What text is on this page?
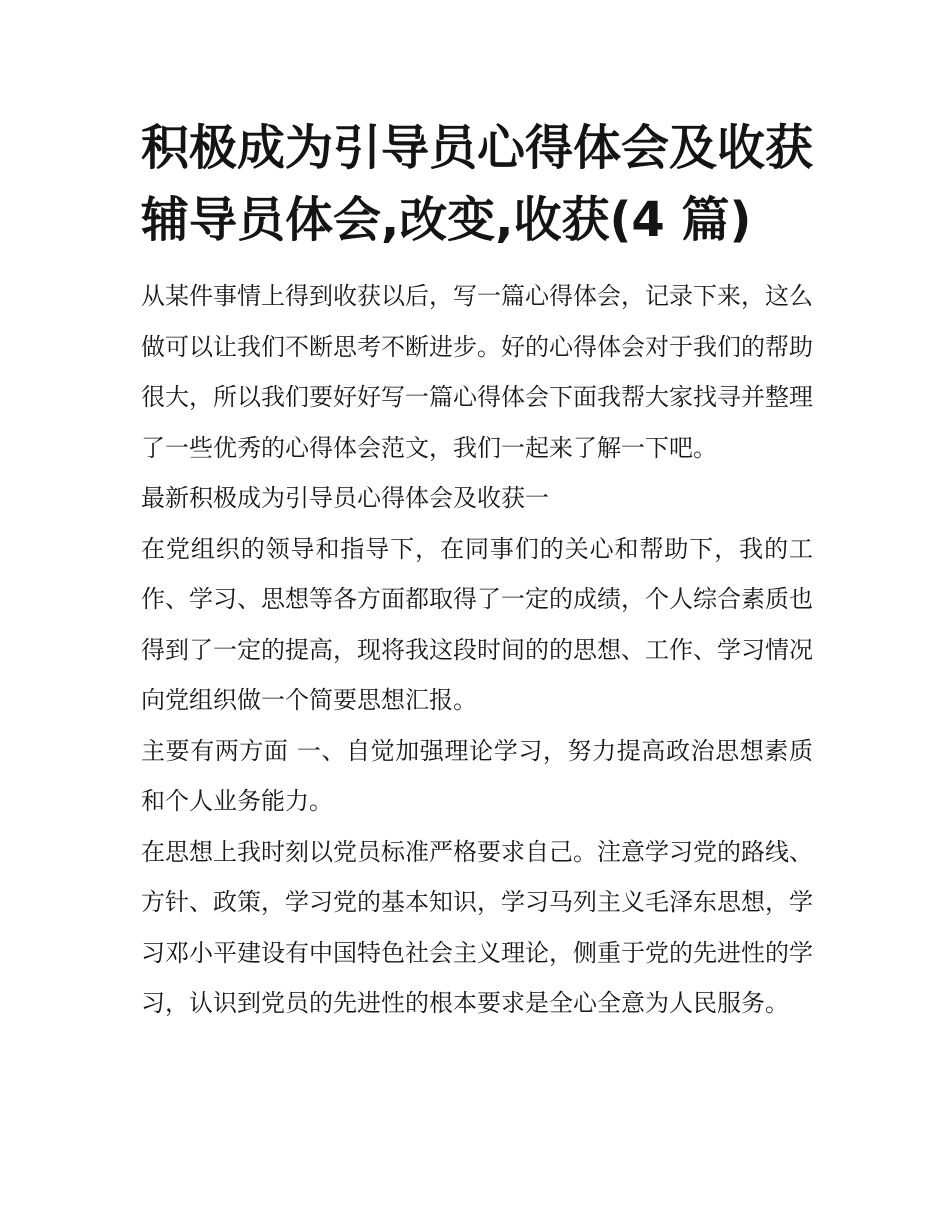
积极成为引导员心得体会及收获 辅导员体会,改变,收获(4 篇)

从某件事情上得到收获以后，写一篇心得体会，记录下来，这么做可以让我们不断思考不断进步。好的心得体会对于我们的帮助很大，所以我们要好好写一篇心得体会下面我帮大家找寻并整理了一些优秀的心得体会范文，我们一起来了解一下吧。

最新积极成为引导员心得体会及收获一

在党组织的领导和指导下，在同事们的关心和帮助下，我的工作、学习、思想等各方面都取得了一定的成绩，个人综合素质也得到了一定的提高，现将我这段时间的的思想、工作、学习情况向党组织做一个简要思想汇报。

主要有两方面 一、自觉加强理论学习，努力提高政治思想素质和个人业务能力。

在思想上我时刻以党员标准严格要求自己。注意学习党的路线、方针、政策，学习党的基本知识，学习马列主义毛泽东思想，学习邓小平建设有中国特色社会主义理论，侧重于党的先进性的学习，认识到党员的先进性的根本要求是全心全意为人民服务。
